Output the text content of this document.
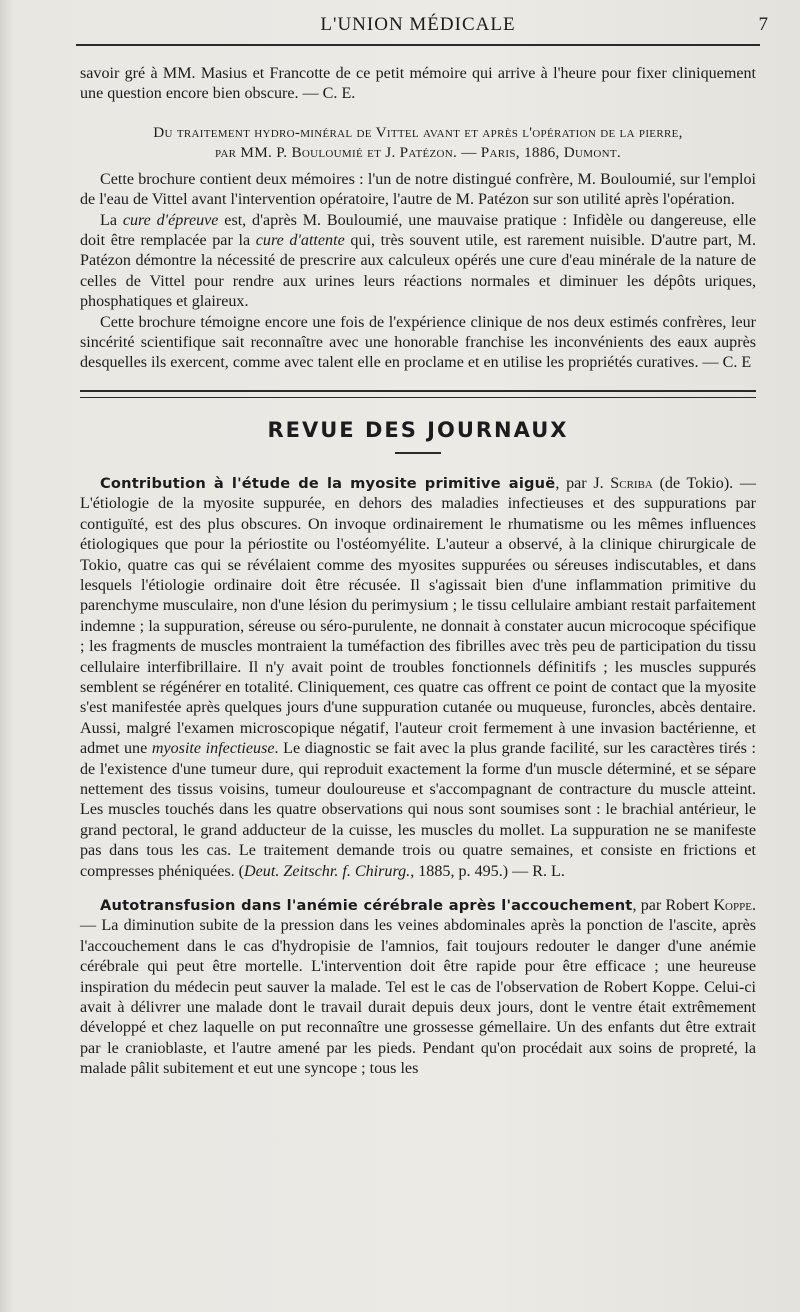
L'UNION MÉDICALE	7

savoir gré à MM. Masius et Francotte de ce petit mémoire qui arrive à l'heure pour fixer cliniquement une question encore bien obscure. — C. E.

Du traitement hydro-minéral de Vittel avant et après l'opération de la pierre,
par MM. P. Bouloumié et J. Patézon. — Paris, 1886, Dumont.

Cette brochure contient deux mémoires : l'un de notre distingué confrère, M. Bouloumié, sur l'emploi de l'eau de Vittel avant l'intervention opératoire, l'autre de M. Patézon sur son utilité après l'opération.

La cure d'épreuve est, d'après M. Bouloumié, une mauvaise pratique : Infidèle ou dangereuse, elle doit être remplacée par la cure d'attente qui, très souvent utile, est rarement nuisible. D'autre part, M. Patézon démontre la nécessité de prescrire aux calculeux opérés une cure d'eau minérale de la nature de celles de Vittel pour rendre aux urines leurs réactions normales et diminuer les dépôts uriques, phosphatiques et glaireux.

Cette brochure témoigne encore une fois de l'expérience clinique de nos deux estimés confrères, leur sincérité scientifique sait reconnaître avec une honorable franchise les inconvénients des eaux auprès desquelles ils exercent, comme avec talent elle en proclame et en utilise les propriétés curatives. — C. E

REVUE DES JOURNAUX

Contribution à l'étude de la myosite primitive aiguë, par J. Scriba (de Tokio). — L'étiologie de la myosite suppurée, en dehors des maladies infectieuses et des suppurations par contiguïté, est des plus obscures. On invoque ordinairement le rhumatisme ou les mêmes influences étiologiques que pour la périostite ou l'ostéomyélite. L'auteur a observé, à la clinique chirurgicale de Tokio, quatre cas qui se révélaient comme des myosites suppurées ou séreuses indiscutables, et dans lesquels l'étiologie ordinaire doit être récusée. Il s'agissait bien d'une inflammation primitive du parenchyme musculaire, non d'une lésion du perimysium ; le tissu cellulaire ambiant restait parfaitement indemne ; la suppuration, séreuse ou séro-purulente, ne donnait à constater aucun microcoque spécifique ; les fragments de muscles montraient la tuméfaction des fibrilles avec très peu de participation du tissu cellulaire interfibrillaire. Il n'y avait point de troubles fonctionnels définitifs ; les muscles suppurés semblent se régénérer en totalité. Cliniquement, ces quatre cas offrent ce point de contact que la myosite s'est manifestée après quelques jours d'une suppuration cutanée ou muqueuse, furoncles, abcès dentaire. Aussi, malgré l'examen microscopique négatif, l'auteur croit fermement à une invasion bactérienne, et admet une myosite infectieuse. Le diagnostic se fait avec la plus grande facilité, sur les caractères tirés : de l'existence d'une tumeur dure, qui reproduit exactement la forme d'un muscle déterminé, et se sépare nettement des tissus voisins, tumeur douloureuse et s'accompagnant de contracture du muscle atteint. Les muscles touchés dans les quatre observations qui nous sont soumises sont : le brachial antérieur, le grand pectoral, le grand adducteur de la cuisse, les muscles du mollet. La suppuration ne se manifeste pas dans tous les cas. Le traitement demande trois ou quatre semaines, et consiste en frictions et compresses phéniquées. (Deut. Zeitschr. f. Chirurg., 1885, p. 495.) — R. L.

Autotransfusion dans l'anémie cérébrale après l'accouchement, par Robert Koppe. — La diminution subite de la pression dans les veines abdominales après la ponction de l'ascite, après l'accouchement dans le cas d'hydropisie de l'amnios, fait toujours redouter le danger d'une anémie cérébrale qui peut être mortelle. L'intervention doit être rapide pour être efficace ; une heureuse inspiration du médecin peut sauver la malade. Tel est le cas de l'observation de Robert Koppe. Celui-ci avait à délivrer une malade dont le travail durait depuis deux jours, dont le ventre était extrêmement développé et chez laquelle on put reconnaître une grossesse gémellaire. Un des enfants dut être extrait par le cranioblaste, et l'autre amené par les pieds. Pendant qu'on procédait aux soins de propreté, la malade pâlit subitement et eut une syncope ; tous les
